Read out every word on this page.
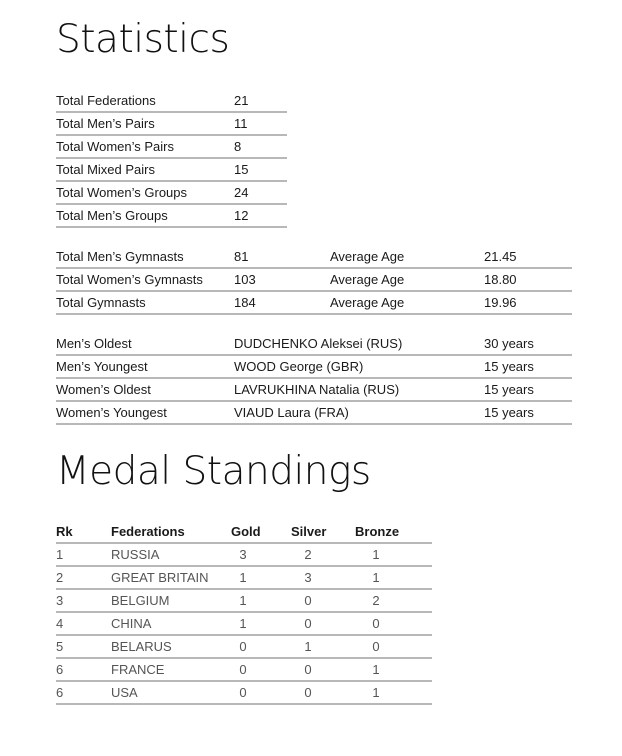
Statistics
Total Federations	21
Total Men’s Pairs	11
Total Women’s Pairs	8
Total Mixed Pairs	15
Total Women’s Groups	24
Total Men’s Groups	12
Total Men’s Gymnasts	81	Average Age	21.45
Total Women’s Gymnasts 103	Average Age	18.80
Total Gymnasts	184	Average Age	19.96
Men’s Oldest	DUDCHENKO Aleksei (RUS)	30 years
Men’s Youngest	WOOD George (GBR)	15 years
Women’s Oldest	LAVRUKHINA Natalia (RUS)	15 years
Women’s Youngest	VIAUD Laura (FRA)	15 years
Medal Standings
Rk	Federations	Gold Silver Bronze
1	RUSSIA	3	2	1
2	GREAT BRITAIN	1	3	1
3	BELGIUM	1	0	2
4	CHINA	1	0	0
5	BELARUS	0	1	0
6	FRANCE	0	0	1
6	USA	0	0	1
